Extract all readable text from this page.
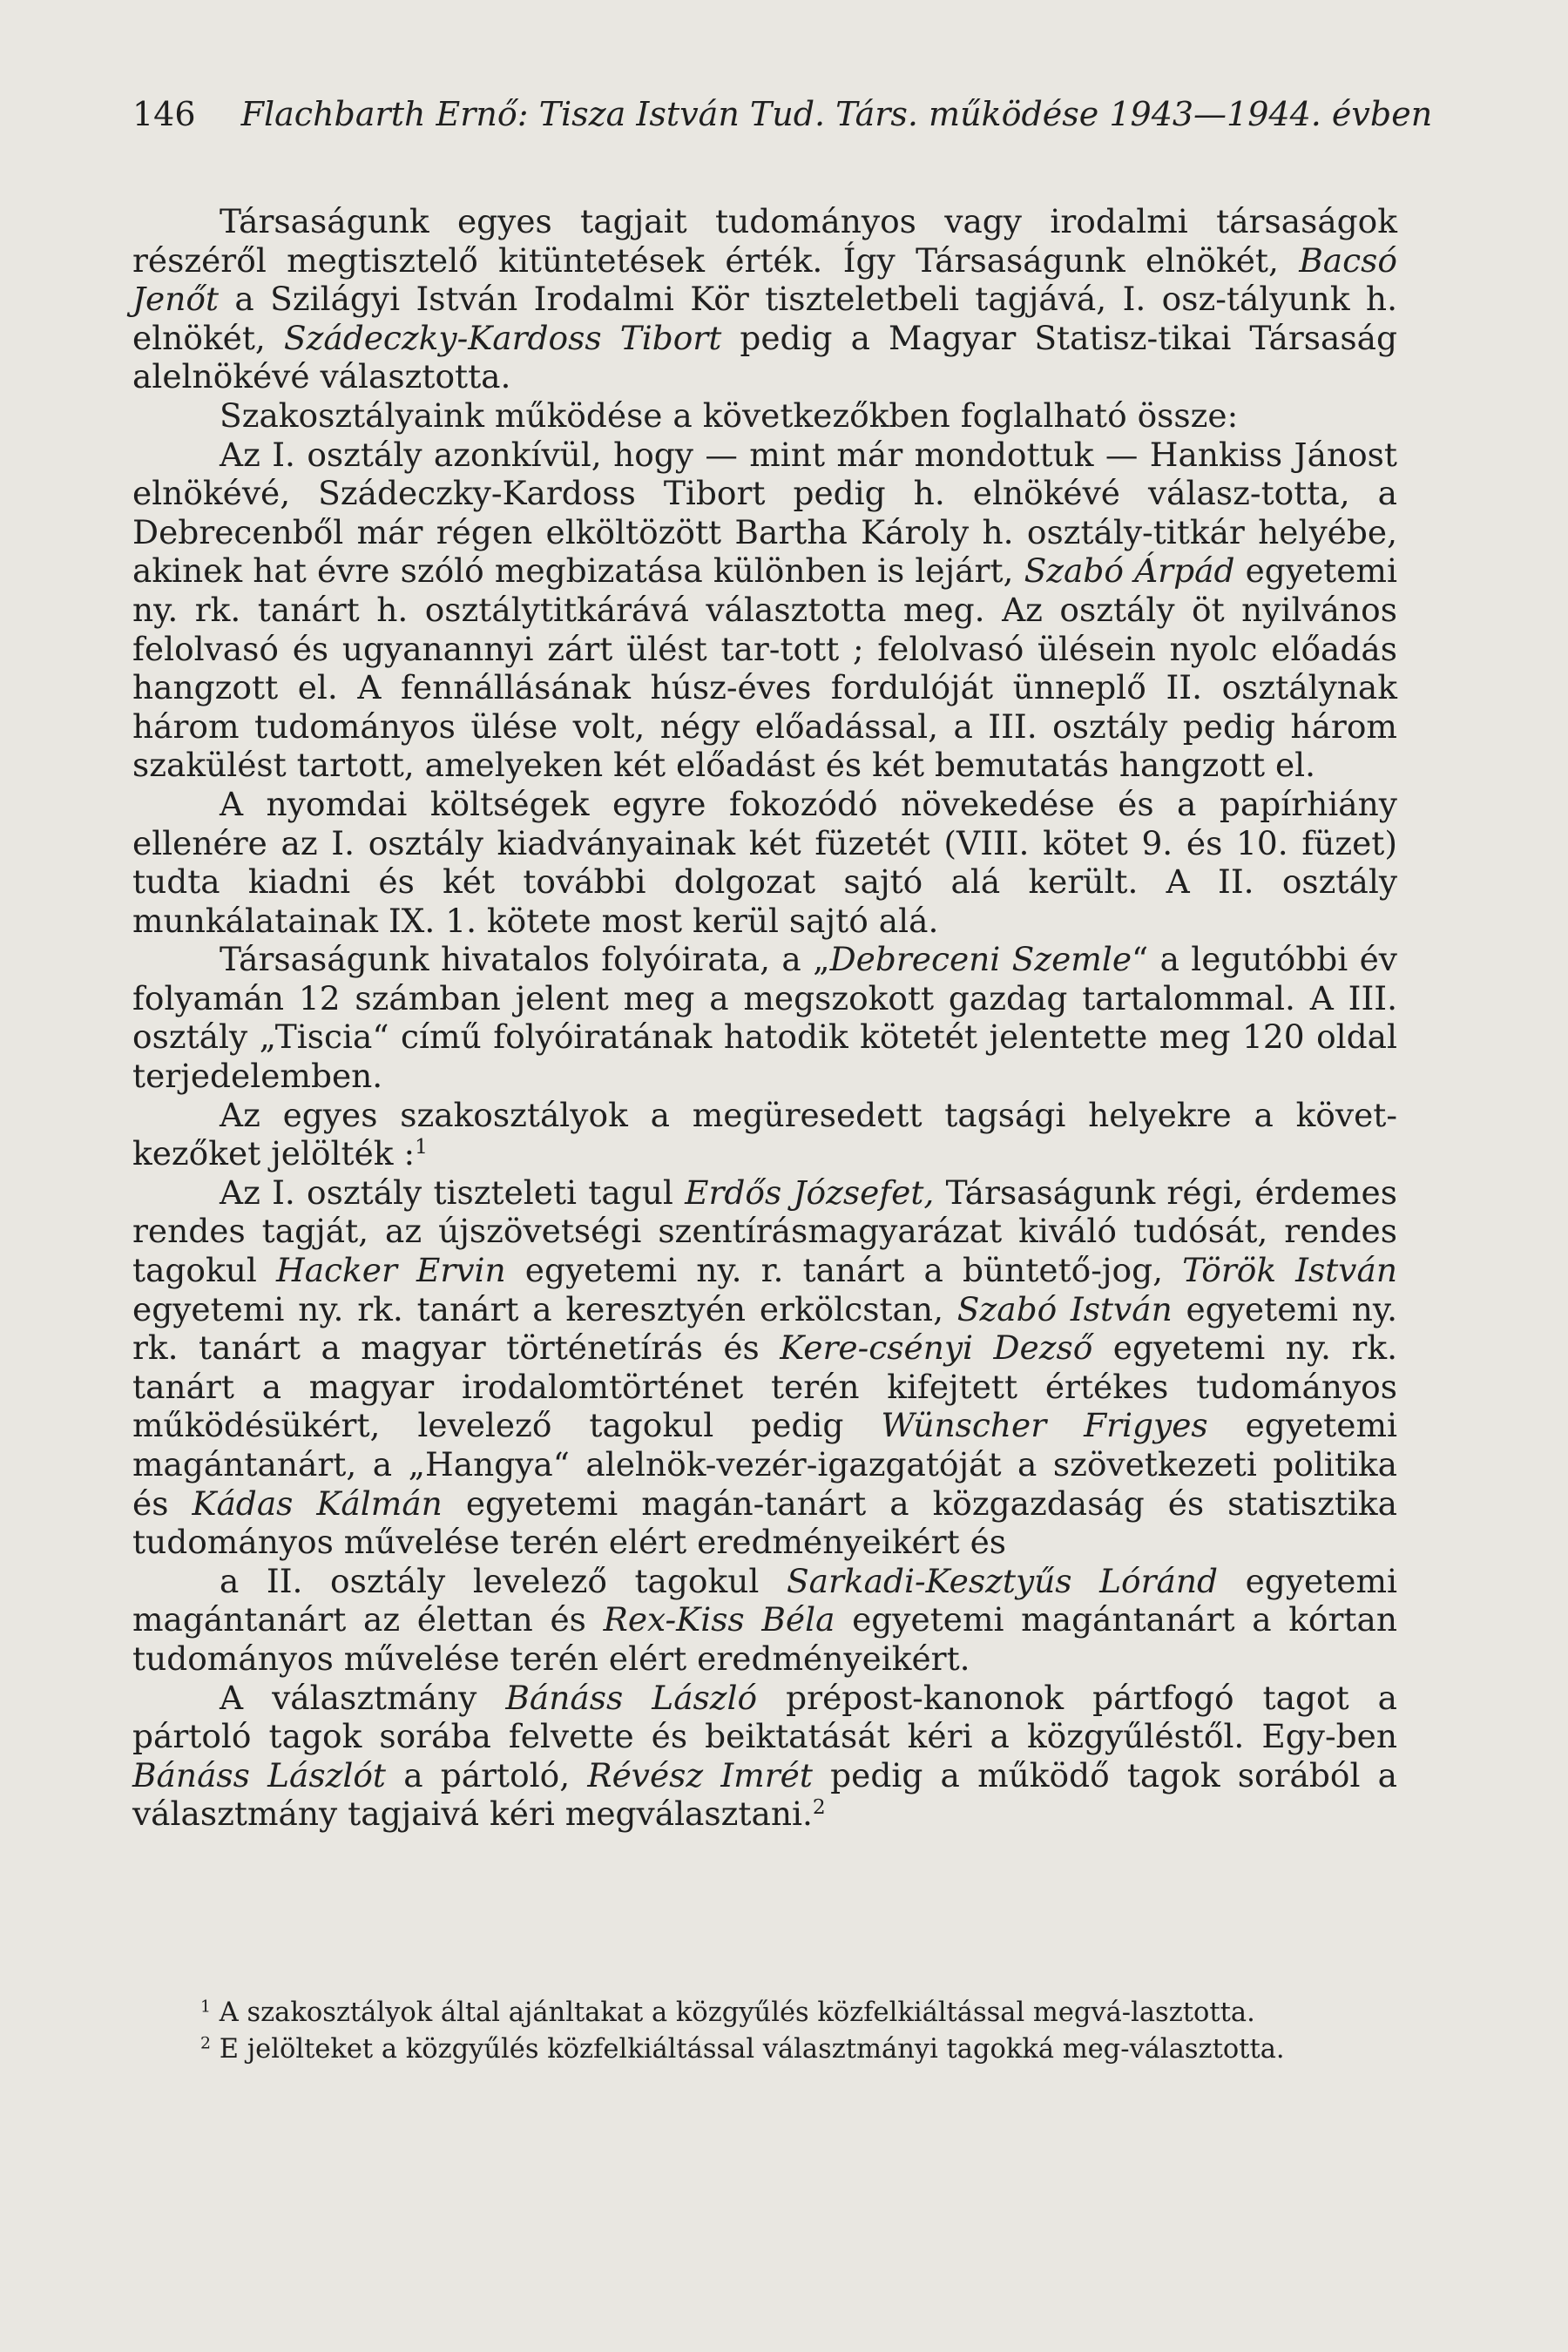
146 Flachbarth Ernő: Tisza István Tud. Társ. működése 1943—1944. évben

Társaságunk egyes tagjait tudományos vagy irodalmi társaságok részéről megtisztelő kitüntetések érték. Így Társaságunk elnökét, Bacsó Jenőt a Szilágyi István Irodalmi Kör tiszteletbeli tagjává, I. osz-tályunk h. elnökét, Szádeczky-Kardoss Tibort pedig a Magyar Statisz-tikai Társaság alelnökévé választotta.

Szakosztályaink működése a következőkben foglalható össze:

Az I. osztály azonkívül, hogy — mint már mondottuk — Hankiss Jánost elnökévé, Szádeczky-Kardoss Tibort pedig h. elnökévé válasz-totta, a Debrecenből már régen elköltözött Bartha Károly h. osztály-titkár helyébe, akinek hat évre szóló megbizatása különben is lejárt, Szabó Árpád egyetemi ny. rk. tanárt h. osztálytitkárává választotta meg. Az osztály öt nyilvános felolvasó és ugyanannyi zárt ülést tar-tott ; felolvasó ülésein nyolc előadás hangzott el. A fennállásának húsz-éves fordulóját ünneplő II. osztálynak három tudományos ülése volt, négy előadással, a III. osztály pedig három szakülést tartott, amelyeken két előadást és két bemutatás hangzott el.

A nyomdai költségek egyre fokozódó növekedése és a papírhiány ellenére az I. osztály kiadványainak két füzetét (VIII. kötet 9. és 10. füzet) tudta kiadni és két további dolgozat sajtó alá került. A II. osztály munkálatainak IX. 1. kötete most kerül sajtó alá.

Társaságunk hivatalos folyóirata, a „Debreceni Szemle“ a legutóbbi év folyamán 12 számban jelent meg a megszokott gazdag tartalommal. A III. osztály „Tiscia“ című folyóiratának hatodik kötetét jelentette meg 120 oldal terjedelemben.

Az egyes szakosztályok a megüresedett tagsági helyekre a követ-kezőket jelölték :$^1$

Az I. osztály tiszteleti tagul Erdős Józsefet, Társaságunk régi, érdemes rendes tagját, az újszövetségi szentírásmagyarázat kiváló tudósát, rendes tagokul Hacker Ervin egyetemi ny. r. tanárt a büntető-jog, Török István egyetemi ny. rk. tanárt a keresztyén erkölcstan, Szabó István egyetemi ny. rk. tanárt a magyar történetírás és Kere-csényi Dezső egyetemi ny. rk. tanárt a magyar irodalomtörténet terén kifejtett értékes tudományos működésükért, levelező tagokul pedig Wünscher Frigyes egyetemi magántanárt, a „Hangya“ alelnök-vezér-igazgatóját a szövetkezeti politika és Kádas Kálmán egyetemi magán-tanárt a közgazdaság és statisztika tudományos művelése terén elért eredményeikért és

a II. osztály levelező tagokul Sarkadi-Kesztyűs Lóránd egyetemi magántanárt az élettan és Rex-Kiss Béla egyetemi magántanárt a kórtan tudományos művelése terén elért eredményeikért.

A választmány Bánáss László prépost-kanonok pártfogó tagot a pártoló tagok sorába felvette és beiktatását kéri a közgyűléstől. Egy-ben Bánáss Lászlót a pártoló, Révész Imrét pedig a működő tagok sorából a választmány tagjaivá kéri megválasztani.$^2$

$^1$ A szakosztályok által ajánltakat a közgyűlés közfelkiáltással megvá-lasztotta.

$^2$ E jelölteket a közgyűlés közfelkiáltással választmányi tagokká meg-választotta.
